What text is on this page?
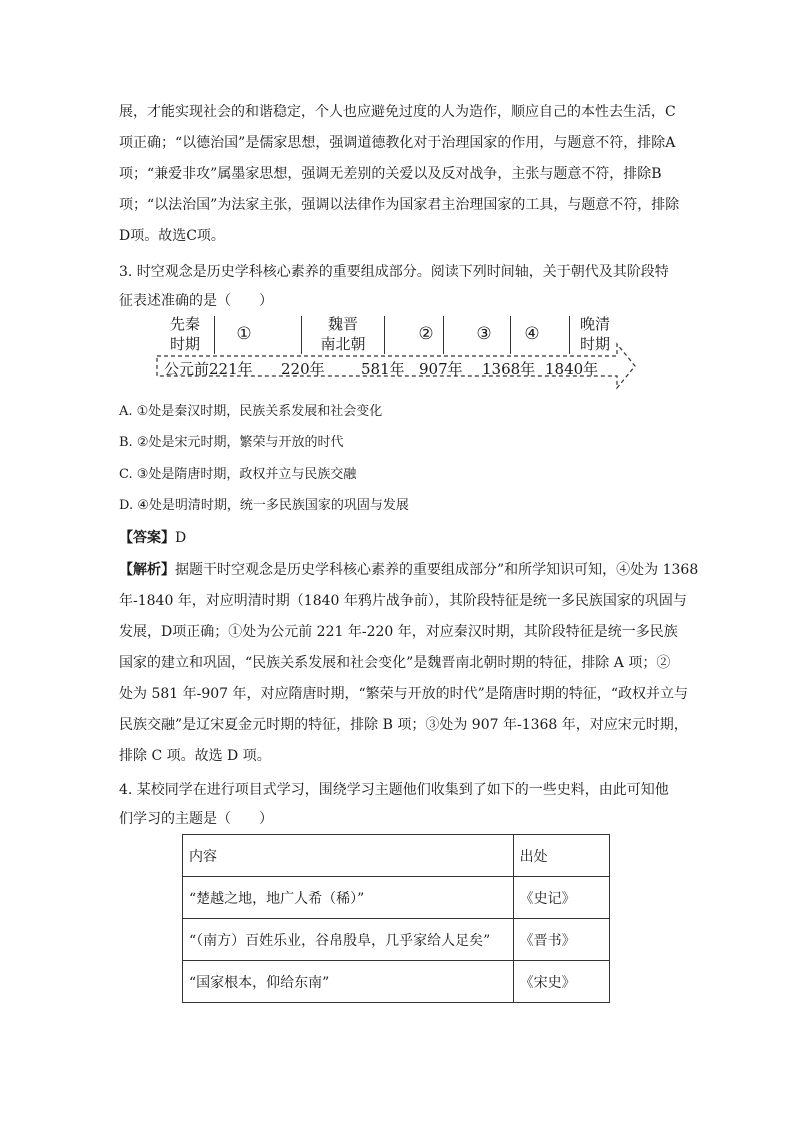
展，才能实现社会的和谐稳定，个人也应避免过度的人为造作，顺应自己的本性去生活，C
项正确；“以德治国”是儒家思想，强调道德教化对于治理国家的作用，与题意不符，排除A
项；“兼爱非攻”属墨家思想，强调无差别的关爱以及反对战争，主张与题意不符，排除B
项；“以法治国”为法家主张，强调以法律作为国家君主治理国家的工具，与题意不符，排除
D项。故选C项。
3. 时空观念是历史学科核心素养的重要组成部分。阅读下列时间轴，关于朝代及其阶段特
征表述准确的是（　　）
先秦
时期	①	魏晋
南北朝	②	③	④	晚清
时期
公元前221年 220年 581年 907年 1368年 1840年
A. ①处是秦汉时期，民族关系发展和社会变化
B. ②处是宋元时期，繁荣与开放的时代
C. ③处是隋唐时期，政权并立与民族交融
D. ④处是明清时期，统一多民族国家的巩固与发展
【答案】D
【解析】据题干时空观念是历史学科核心素养的重要组成部分”和所学知识可知，④处为 1368
年-1840 年，对应明清时期（1840 年鸦片战争前），其阶段特征是统一多民族国家的巩固与
发展，D项正确；①处为公元前 221 年-220 年，对应秦汉时期，其阶段特征是统一多民族
国家的建立和巩固，“民族关系发展和社会变化”是魏晋南北朝时期的特征，排除 A 项；②
处为 581 年-907 年，对应隋唐时期，“繁荣与开放的时代”是隋唐时期的特征，“政权并立与
民族交融”是辽宋夏金元时期的特征，排除 B 项；③处为 907 年-1368 年，对应宋元时期，
排除 C 项。故选 D 项。
4. 某校同学在进行项目式学习，围绕学习主题他们收集到了如下的一些史料，由此可知他
们学习的主题是（　　）
内容	出处
“楚越之地，地广人希（稀）”	《史记》
“（南方）百姓乐业，谷帛殷阜，几乎家给人足矣”	《晋书》
“国家根本，仰给东南”	《宋史》
